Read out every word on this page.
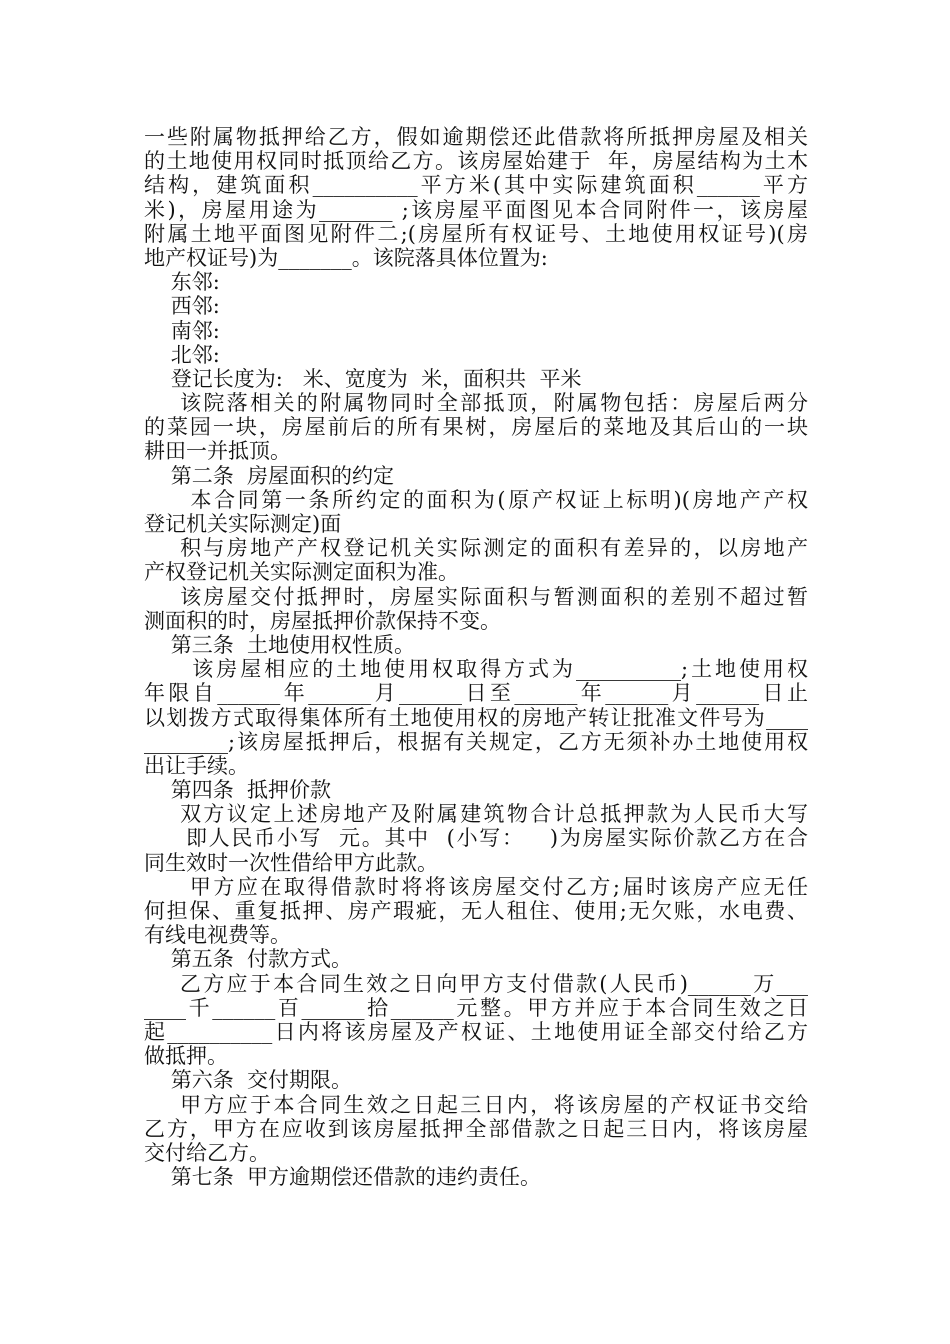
一些附属物抵押给乙方，假如逾期偿还此借款将所抵押房屋及相关
的土地使用权同时抵顶给乙方。该房屋始建于  年，房屋结构为土木
结构，建筑面积__________平方米(其中实际建筑面积______平方
米)，房屋用途为_______ ;该房屋平面图见本合同附件一，该房屋
附属土地平面图见附件二;(房屋所有权证号、土地使用权证号)(房
地产权证号)为_______。该院落具体位置为:
东邻:
西邻:
南邻:
北邻:
登记长度为:   米、宽度为  米，面积共  平米
该院落相关的附属物同时全部抵顶，附属物包括：房屋后两分
的菜园一块，房屋前后的所有果树，房屋后的菜地及其后山的一块
耕田一并抵顶。
第二条  房屋面积的约定
本合同第一条所约定的面积为(原产权证上标明)(房地产产权
登记机关实际测定)面
积与房地产产权登记机关实际测定的面积有差异的，以房地产
产权登记机关实际测定面积为准。
该房屋交付抵押时，房屋实际面积与暂测面积的差别不超过暂
测面积的时，房屋抵押价款保持不变。
第三条  土地使用权性质。
该房屋相应的土地使用权取得方式为__________;土地使用权
年限自______年______月______日至______年______月______日止
以划拨方式取得集体所有土地使用权的房地产转让批准文件号为____
________;该房屋抵押后，根据有关规定，乙方无须补办土地使用权
出让手续。
第四条  抵押价款
双方议定上述房地产及附属建筑物合计总抵押款为人民币大写
即人民币小写  元。其中  (小写：   )为房屋实际价款乙方在合
同生效时一次性借给甲方此款。
甲方应在取得借款时将将该房屋交付乙方;届时该房产应无任
何担保、重复抵押、房产瑕疵，无人租住、使用;无欠账，水电费、
有线电视费等。
第五条  付款方式。
乙方应于本合同生效之日向甲方支付借款(人民币)______万___
____千______百______拾______元整。甲方并应于本合同生效之日
起__________日内将该房屋及产权证、土地使用证全部交付给乙方
做抵押。
第六条  交付期限。
甲方应于本合同生效之日起三日内，将该房屋的产权证书交给
乙方，甲方在应收到该房屋抵押全部借款之日起三日内，将该房屋
交付给乙方。
第七条  甲方逾期偿还借款的违约责任。
